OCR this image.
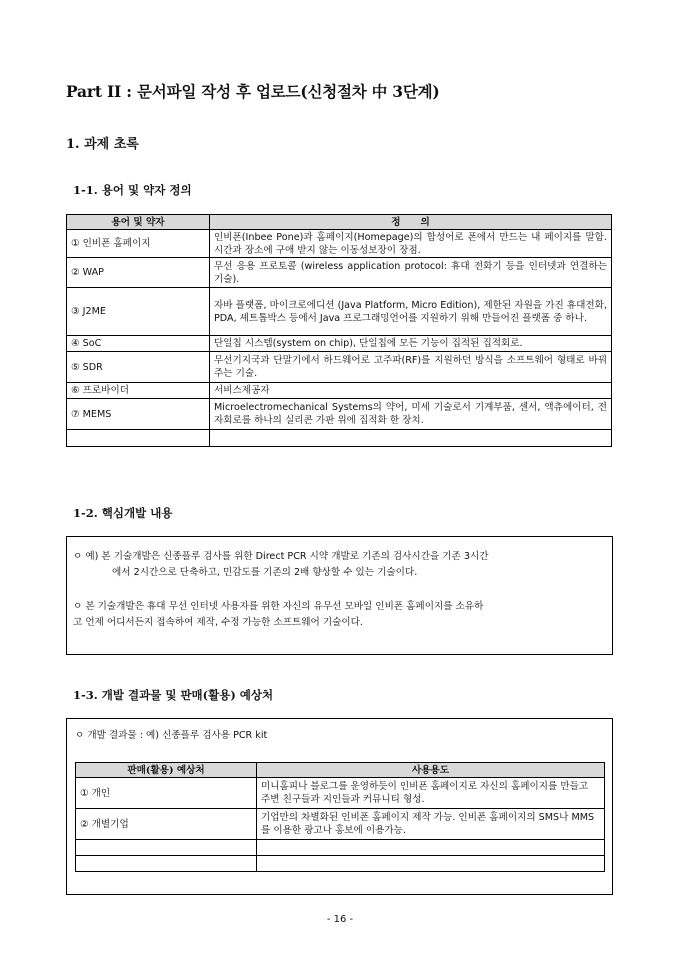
Part II : 문서파일 작성 후 업로드(신청절차 中 3단계)
1. 과제 초록
1-1. 용어 및 약자 정의
용어 및 약자	정      의
① 인비폰 홈페이지	인비폰(Inbee Pone)과 홈페이지(Homepage)의 합성어로 폰에서 만드는 내 페이지를 말함. 시간과 장소에 구애 받지 않는 이동성보장이 장점.
② WAP	무선 응용 프로토콜 (wireless application protocol: 휴대 전화기 등을 인터넷과 연결하는 기술).
③ J2ME	자바 플랫폼, 마이크로에디션 (Java Platform, Micro Edition), 제한된 자원을 가진 휴대전화, PDA, 셰트톱박스 등에서 Java 프로그래밍언어를 지원하기 위해 만들어진 플랫폼 중 하나.
④ SoC	단일칩 시스템(system on chip), 단일칩에 모든 기능이 집적된 집적회로.
⑤ SDR	무선기지국과 단말기에서 하드웨어로 고주파(RF)를 지원하던 방식을 소프트웨어 형태로 바꿔주는 기술.
⑥ 프로바이더	서비스제공자
⑦ MEMS	Microelectromechanical Systems의 약어, 미세 기술로서 기계부품, 센서, 액츄에이터, 전자회로를 하나의 실리콘 가판 위에 집적화 한 장치.

1-2. 핵심개발 내용

ㅇ 예) 본 기술개발은 신종플루 검사를 위한 Direct PCR 시약 개발로 기존의 검사시간을 기존 3시간

에서 2시간으로 단축하고, 민감도를 기존의 2배 향상할 수 있는 기술이다.

ㅇ 본 기술개발은 휴대 무선 인터넷 사용자를 위한 자신의 유무선 모바일 인비폰 홈페이지를 소유하

고 언제 어디서든지 접속하여 제작, 수정 가능한 소프트웨어 기술이다.

1-3. 개발 결과물 및 판매(활용) 예상처
ㅇ 개발 결과물 : 예) 신종플루 검사용 PCR kit
판매(활용) 예상처	사용용도
① 개인	미니홈피나 블로그를 운영하듯이 인비폰 홈페이지로 자신의 홈페이지를 만들고 주변 친구들과 지인들과 커뮤니티 형성.
② 개별기업	기업만의 차별화된 인비폰 홈페이지 제작 가능. 인비폰 홈페이지의 SMS나 MMS를 이용한 광고나 홍보에 이용가능.

- 16 -
